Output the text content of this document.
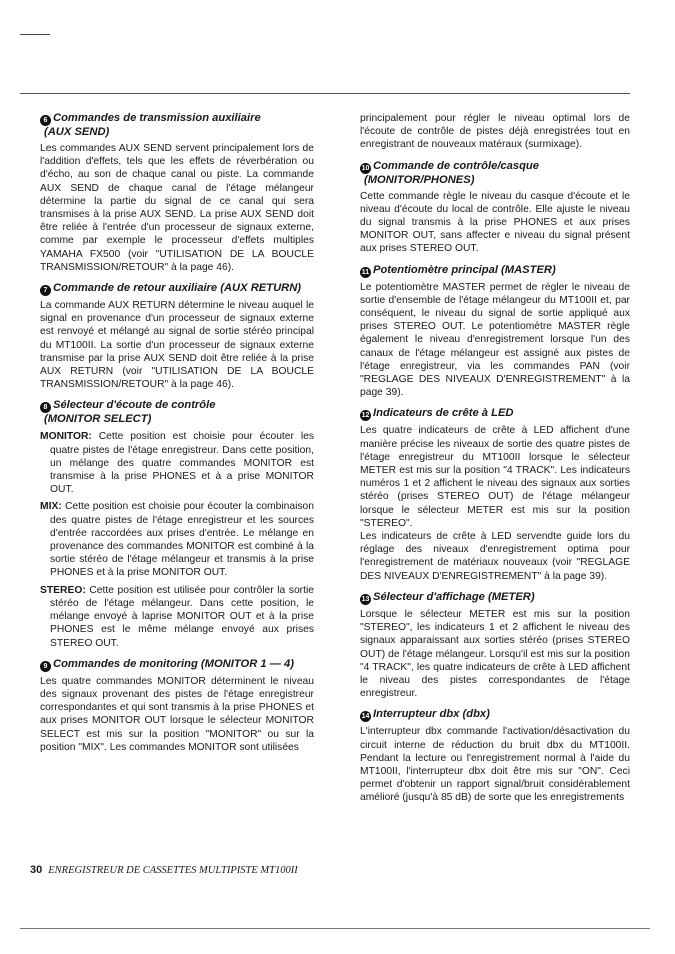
6 Commandes de transmission auxiliaire
(AUX SEND)

Les commandes AUX SEND servent principalement lors de l'addition d'effets, tels que les effets de réverbération ou d'écho, au son de chaque canal ou piste. La commande AUX SEND de chaque canal de l'étage mélangeur détermine la partie du signal de ce canal qui sera transmises à la prise AUX SEND. La prise AUX SEND doit être reliée à l'entrée d'un processeur de signaux externe, comme par exemple le processeur d'effets multiples YAMAHA FX500 (voir "UTILISATION DE LA BOUCLE TRANSMISSION/RETOUR" à la page 46).

7 Commande de retour auxiliaire (AUX RETURN)

La commande AUX RETURN détermine le niveau auquel le signal en provenance d'un processeur de signaux externe est renvoyé et mélangé au signal de sortie stéréo principal du MT100II. La sortie d'un processeur de signaux externe transmise par la prise AUX SEND doit être reliée à la prise AUX RETURN (voir "UTILISATION DE LA BOUCLE TRANSMISSION/RETOUR" à la page 46).

8 Sélecteur d'écoute de contrôle
(MONITOR SELECT)

MONITOR: Cette position est choisie pour écouter les quatre pistes de l'étage enregistreur. Dans cette position, un mélange des quatre commandes MONITOR est transmise à la prise PHONES et à a prise MONITOR OUT.

MIX: Cette position est choisie pour écouter la combinaison des quatre pistes de l'étage enregistreur et les sources d'entrée raccordées aux prises d'entrée. Le mélange en provenance des commandes MONITOR est combiné à la sortie stéréo de l'étage mélangeur et transmis à la prise PHONES et à la prise MONITOR OUT.

STEREO: Cette position est utilisée pour contrôler la sortie stéréo de l'étage mélangeur. Dans cette position, le mélange envoyé à laprise MONITOR OUT et à la prise PHONES est le même mélange envoyé aux prises STEREO OUT.

9 Commandes de monitoring (MONITOR 1 — 4)

Les quatre commandes MONITOR déterminent le niveau des signaux provenant des pistes de l'étage enregistreur correspondantes et qui sont transmis à la prise PHONES et aux prises MONITOR OUT lorsque le sélecteur MONITOR SELECT est mis sur la position "MONITOR" ou sur la position "MIX". Les commandes MONITOR sont utilisées

principalement pour régler le niveau optimal lors de l'écoute de contrôle de pistes déjà enregistrées tout en enregistrant de nouveaux matéraux (surmixage).

10 Commande de contrôle/casque
(MONITOR/PHONES)

Cette commande règle le niveau du casque d'écoute et le niveau d'écoute du local de contrôle. Elle ajuste le niveau du signal transmis à la prise PHONES et aux prises MONITOR OUT, sans affecter e niveau du signal présent aux prises STEREO OUT.

11 Potentiomètre principal (MASTER)

Le potentiomètre MASTER permet de régler le niveau de sortie d'ensemble de l'étage mélangeur du MT100II et, par conséquent, le niveau du signal de sortie appliqué aux prises STEREO OUT. Le potentiomètre MASTER règle également le niveau d'enregistrement lorsque l'un des canaux de l'étage mélangeur est assigné aux pistes de l'étage enregistreur, via les commandes PAN (voir "REGLAGE DES NIVEAUX D'ENREGISTREMENT" à la page 39).

12 Indicateurs de crête à LED

Les quatre indicateurs de crête à LED affichent d'une manière précise les niveaux de sortie des quatre pistes de l'étage enregistreur du MT100II lorsque le sélecteur METER est mis sur la position "4 TRACK". Les indicateurs numéros 1 et 2 affichent le niveau des signaux aux sorties stéréo (prises STEREO OUT) de l'étage mélangeur lorsque le sélecteur METER est mis sur la position "STEREO".

Les indicateurs de crête à LED servendte guide lors du réglage des niveaux d'enregistrement optima pour l'enregistrement de matériaux nouveaux (voir "REGLAGE DES NIVEAUX D'ENREGISTREMENT" à la page 39).

13 Sélecteur d'affichage (METER)

Lorsque le sélecteur METER est mis sur la position "STEREO", les indicateurs 1 et 2 affichent le niveau des signaux apparaissant aux sorties stéréo (prises STEREO OUT) de l'étage mélangeur. Lorsqu'il est mis sur la position "4 TRACK", les quatre indicateurs de crête à LED affichent le niveau des pistes correspondantes de l'étage enregistreur.

14 Interrupteur dbx (dbx)

L'interrupteur dbx commande l'activation/désactivation du circuit interne de réduction du bruit dbx du MT100II. Pendant la lecture ou l'enregistrement normal à l'aide du MT100II, l'interrupteur dbx doit être mis sur "ON". Ceci permet d'obtenir un rapport signal/bruit considérablement amélioré (jusqu'à 85 dB) de sorte que les enregistrements

30 ENREGISTREUR DE CASSETTES MULTIPISTE MT100II
